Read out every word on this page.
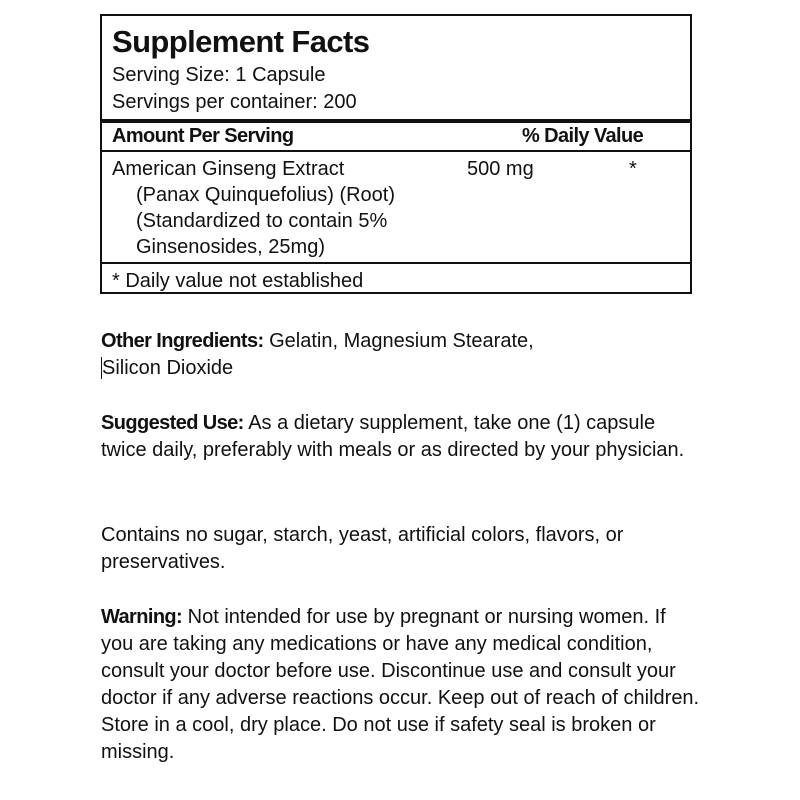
Supplement Facts
Serving Size: 1 Capsule
Servings per container: 200
Amount Per Serving	% Daily Value
American Ginseng Extract
(Panax Quinquefolius) (Root)
(Standardized to contain 5%
Ginsenosides, 25mg)
500 mg	*
* Daily value not established

Other Ingredients: Gelatin, Magnesium Stearate,
Silicon Dioxide

Suggested Use: As a dietary supplement, take one (1) capsule twice daily, preferably with meals or as directed by your physician.

Contains no sugar, starch, yeast, artificial colors, flavors, or preservatives.

Warning: Not intended for use by pregnant or nursing women. If you are taking any medications or have any medical condition, consult your doctor before use. Discontinue use and consult your doctor if any adverse reactions occur. Keep out of reach of children. Store in a cool, dry place. Do not use if safety seal is broken or missing.
